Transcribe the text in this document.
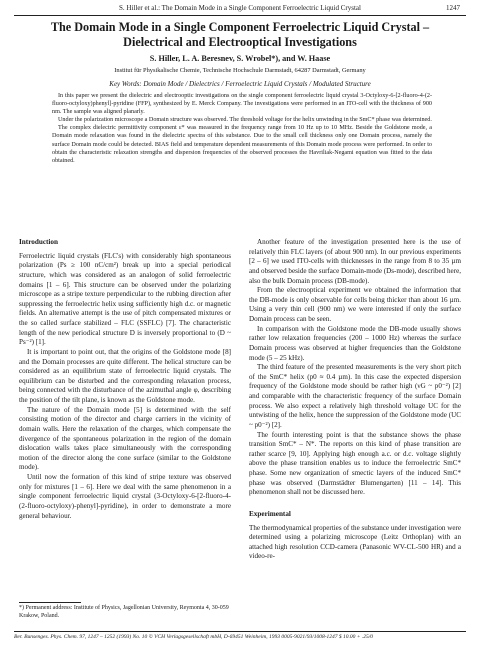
S. Hiller et al.: The Domain Mode in a Single Component Ferroelectric Liquid Crystal	1247
The Domain Mode in a Single Component Ferroelectric Liquid Crystal –
Dielectrical and Electrooptical Investigations
S. Hiller, L. A. Beresnev, S. Wrobel*), and W. Haase
Institut für Physikalische Chemie, Technische Hochschule Darmstadt, 64287 Darmstadt, Germany
Key Words: Domain Mode / Dielectrics / Ferroelectric Liquid Crystals / Modulated Structure

In this paper we present the dielectric and electrooptic investigations on the single component ferroelectric liquid crystal 3-Octyloxy-6-[2-fluoro-4-(2-fluoro-octyloxy)phenyl]-pyridine (FFP), synthesized by E. Merck Company. The investigations were performed in an ITO-cell with the thickness of 900 nm. The sample was aligned planarly.

Under the polarization microscope a Domain structure was observed. The threshold voltage for the helix unwinding in the SmC* phase was determined.

The complex dielectric permittivity component ε* was measured in the frequency range from 10 Hz up to 10 MHz. Beside the Goldstone mode, a Domain mode relaxation was found in the dielectric spectra of this substance. Due to the small cell thickness only one Domain process, namely the surface Domain mode could be detected. BIAS field and temperature dependent measurements of this Domain mode process were performed. In order to obtain the characteristic relaxation strengths and dispersion frequencies of the observed processes the Havriliak-Negami equation was fitted to the data obtained.

Introduction

Ferroelectric liquid crystals (FLC's) with considerably high spontaneous polarization (Ps ≥ 100 nC/cm²) break up into a special periodical structure, which was considered as an analogon of solid ferroelectric domains [1 – 6]. This structure can be observed under the polarizing microscope as a stripe texture perpendicular to the rubbing direction after suppressing the ferroelectric helix using sufficiently high d.c. or magnetic fields. An alternative attempt is the use of pitch compensated mixtures or the so called surface stabilized – FLC (SSFLC) [7]. The characteristic length of the new periodical structure D is inversely proportional to (D ~ Ps⁻²) [1].

It is important to point out, that the origins of the Goldstone mode [8] and the Domain processes are quite different. The helical structure can be considered as an equilibrium state of ferroelectric liquid crystals. The equilibrium can be disturbed and the corresponding relaxation process, being connected with the disturbance of the azimuthal angle φ, describing the position of the tilt plane, is known as the Goldstone mode.

The nature of the Domain mode [5] is determined with the self consisting motion of the director and charge carriers in the vicinity of domain walls. Here the relaxation of the charges, which compensate the divergence of the spontaneous polarization in the region of the domain dislocation walls takes place simultaneously with the corresponding motion of the director along the cone surface (similar to the Goldstone mode).

Until now the formation of this kind of stripe texture was observed only for mixtures [1 – 6]. Here we deal with the same phenomenon in a single component ferroelectric liquid crystal (3-Octyloxy-6-[2-fluoro-4-(2-fluoro-octyloxy)-phenyl]-pyridine), in order to demonstrate a more general behaviour.

*) Permanent address: Institute of Physics, Jagellonian University, Reymonta 4, 30-059 Krakow, Poland.

Another feature of the investigation presented here is the use of relatively thin FLC layers (of about 900 nm). In our previous experiments [2 – 6] we used ITO-cells with thicknesses in the range from 8 to 35 µm and observed beside the surface Domain-mode (Ds-mode), described here, also the bulk Domain process (DB-mode).

From the electrooptical experiment we obtained the information that the DB-mode is only observable for cells being thicker than about 16 µm. Using a very thin cell (900 nm) we were interested if only the surface Domain process can be seen.

In comparison with the Goldstone mode the DB-mode usually shows rather low relaxation frequencies (200 – 1000 Hz) whereas the surface Domain process was observed at higher frequencies than the Goldstone mode (5 – 25 kHz).

The third feature of the presented measurements is the very short pitch of the SmC* helix (p0 ≈ 0.4 µm). In this case the expected dispersion frequency of the Goldstone mode should be rather high (νG ~ p0⁻²) [2] and comparable with the characteristic frequency of the surface Domain process. We also expect a relatively high threshold voltage UC for the untwisting of the helix, hence the suppression of the Goldstone mode (UC ~ p0⁻²) [2].

The fourth interesting point is that the substance shows the phase transition SmC* – N*. The reports on this kind of phase transition are rather scarce [9, 10]. Applying high enough a.c. or d.c. voltage slightly above the phase transition enables us to induce the ferroelectric SmC* phase. Some new organization of smectic layers of the induced SmC* phase was observed (Darmstädter Blumengarten) [11 – 14]. This phenomenon shall not be discussed here.

Experimental

The thermodynamical properties of the substance under investigation were determined using a polarizing microscope (Leitz Orthoplan) with an attached high resolution CCD-camera (Panasonic WV-CL-500 HR) and a video-re-

Ber. Bunsenges. Phys. Chem. 97, 1247 – 1252 (1993) No. 10 © VCH Verlagsgesellschaft mbH, D-69451 Weinheim, 1993 0005-9021/93/1008-1247 $ 10.00 + .25/0
